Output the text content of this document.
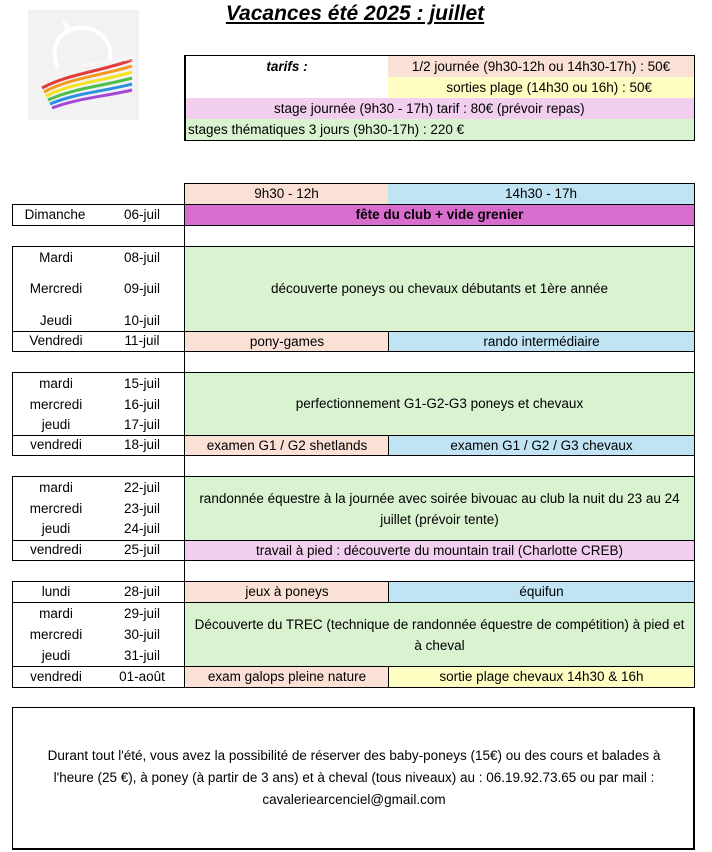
Cavalerie Arc-en-Ciel
Vacances été 2025 : juillet
tarifs :	1/2 journée (9h30-12h ou 14h30-17h) : 50€
sorties plage (14h30 ou 16h) : 50€
stage journée (9h30 - 17h) tarif : 80€ (prévoir repas)
stages thématiques 3 jours (9h30-17h) : 220 €
9h30 - 12h	14h30 - 17h
Dimanche	06-juil	fête du club + vide grenier
Mardi	08-juil
Mercredi	09-juil
Jeudi	10-juil
découverte poneys ou chevaux débutants et 1ère année
Vendredi	11-juil	pony-games	rando intermédiaire
mardi	15-juil
mercredi	16-juil
jeudi	17-juil
perfectionnement G1-G2-G3 poneys et chevaux
vendredi	18-juil	examen G1 / G2 shetlands	examen G1 / G2 / G3 chevaux
mardi	22-juil
mercredi	23-juil
jeudi	24-juil
randonnée équestre à la journée avec soirée bivouac au club la nuit du 23 au 24 juillet (prévoir tente)
vendredi	25-juil	travail à pied : découverte du mountain trail (Charlotte CREB)
lundi	28-juil	jeux à poneys	équifun
mardi	29-juil
mercredi	30-juil
jeudi	31-juil
Découverte du TREC (technique de randonnée équestre de compétition) à pied et à cheval
vendredi	01-août	exam galops pleine nature	sortie plage chevaux 14h30 & 16h
Durant tout l'été, vous avez la possibilité de réserver des baby-poneys (15€) ou des cours et balades à l'heure (25 €), à poney (à partir de 3 ans) et à cheval (tous niveaux) au : 06.19.92.73.65 ou par mail : cavaleriearcenciel@gmail.com
